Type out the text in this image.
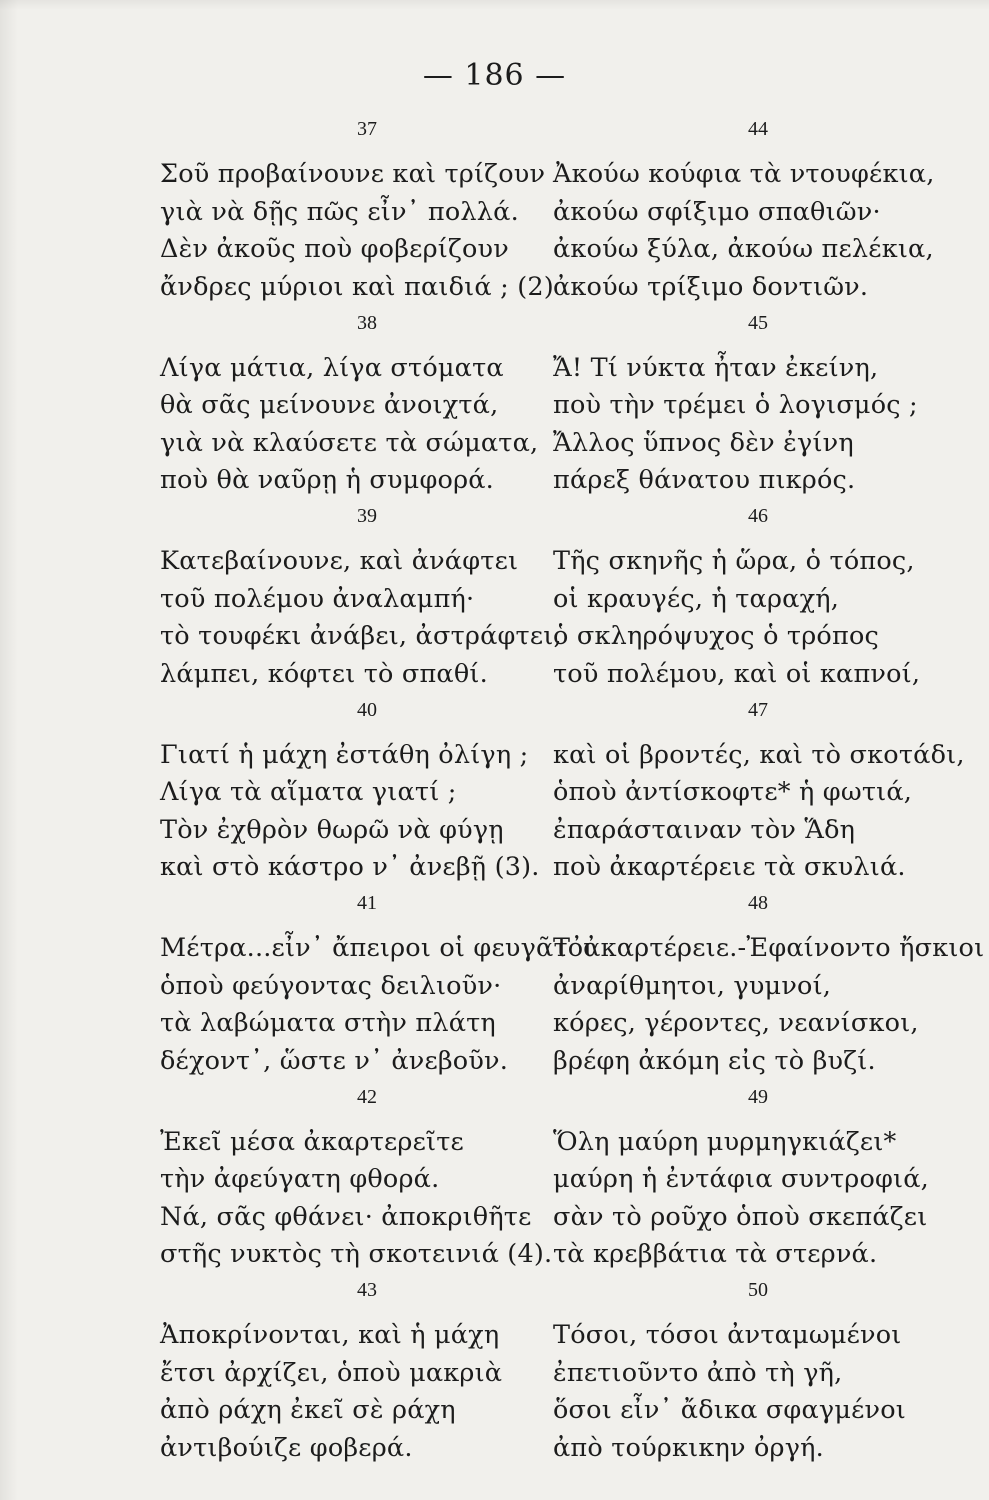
— 186 —
37
Σοῦ προβαίνουνε καὶ τρίζουν
γιὰ νὰ δῇς πῶς εἶν᾽ πολλά.
Δὲν ἀκοῦς ποὺ φοβερίζουν
ἄνδρες μύριοι καὶ παιδιά ; (2)
38
Λίγα μάτια, λίγα στόματα
θὰ σᾶς μείνουνε ἀνοιχτά,
γιὰ νὰ κλαύσετε τὰ σώματα,
ποὺ θὰ ναῦρῃ ἡ συμφορά.
39
Κατεβαίνουνε, καὶ ἀνάφτει
τοῦ πολέμου ἀναλαμπή·
τὸ τουφέκι ἀνάβει, ἀστράφτει,
λάμπει, κόφτει τὸ σπαθί.
40
Γιατί ἡ μάχη ἐστάθη ὀλίγη ;
Λίγα τὰ αἵματα γιατί ;
Τὸν ἐχθρὸν θωρῶ νὰ φύγῃ
καὶ στὸ κάστρο ν᾽ ἀνεβῇ (3).
41
Μέτρα...εἶν᾽ ἄπειροι οἱ φευγᾶτοι
ὁποὺ φεύγοντας δειλιοῦν·
τὰ λαβώματα στὴν πλάτη
δέχοντ᾽, ὥστε ν᾽ ἀνεβοῦν.
42
Ἐκεῖ μέσα ἀκαρτερεῖτε
τὴν ἀφεύγατη φθορά.
Νά, σᾶς φθάνει· ἀποκριθῆτε
στῆς νυκτὸς τὴ σκοτεινιά (4).
43
Ἀποκρίνονται, καὶ ἡ μάχη
ἔτσι ἀρχίζει, ὁποὺ μακριὰ
ἀπὸ ράχη ἐκεῖ σὲ ράχη
ἀντιβούιζε φοβερά.
44
Ἀκούω κούφια τὰ ντουφέκια,
ἀκούω σφίξιμο σπαθιῶν·
ἀκούω ξύλα, ἀκούω πελέκια,
ἀκούω τρίξιμο δοντιῶν.
45
Ἄ! Τί νύκτα ἦταν ἐκείνη,
ποὺ τὴν τρέμει ὁ λογισμός ;
Ἄλλος ὕπνος δὲν ἐγίνη
πάρεξ θάνατου πικρός.
46
Τῆς σκηνῆς ἡ ὥρα, ὁ τόπος,
οἱ κραυγές, ἡ ταραχή,
ὁ σκληρόψυχος ὁ τρόπος
τοῦ πολέμου, καὶ οἱ καπνοί,
47
καὶ οἱ βροντές, καὶ τὸ σκοτάδι,
ὁποὺ ἀντίσκοφτε* ἡ φωτιά,
ἐπαράσταιναν τὸν Ἅδη
ποὺ ἀκαρτέρειε τὰ σκυλιά.
48
Τ᾽ἀκαρτέρειε.-Ἐφαίνοντο ἤσκιοι
ἀναρίθμητοι, γυμνοί,
κόρες, γέροντες, νεανίσκοι,
βρέφη ἀκόμη εἰς τὸ βυζί.
49
Ὅλη μαύρη μυρμηγκιάζει*
μαύρη ἡ ἐντάφια συντροφιά,
σὰν τὸ ρoῦχο ὁποὺ σκεπάζει
τὰ κρεββάτια τὰ στερνά.
50
Τόσοι, τόσοι ἀνταμωμένοι
ἐπετιοῦντο ἀπὸ τὴ γῆ,
ὅσοι εἶν᾽ ἄδικα σφαγμένοι
ἀπὸ τούρκικην ὀργή.
